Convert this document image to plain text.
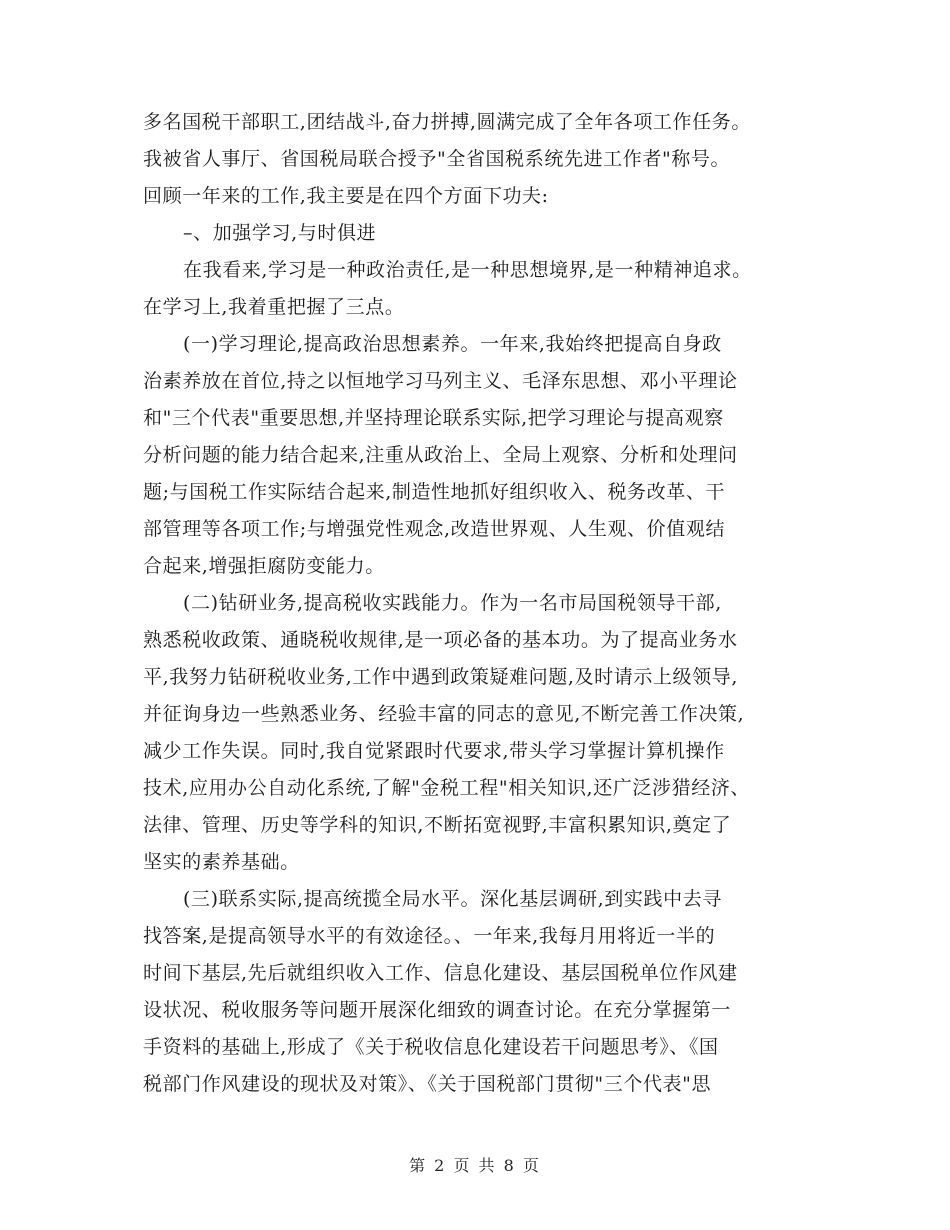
多名国税干部职工,团结战斗,奋力拼搏,圆满完成了全年各项工作任务。
我被省人事厅、省国税局联合授予"全省国税系统先进工作者"称号。
回顾一年来的工作,我主要是在四个方面下功夫:
–、加强学习,与时俱进
在我看来,学习是一种政治责任,是一种思想境界,是一种精神追求。
在学习上,我着重把握了三点。
(一)学习理论,提高政治思想素养。一年来,我始终把提高自身政
治素养放在首位,持之以恒地学习马列主义、毛泽东思想、邓小平理论
和"三个代表"重要思想,并坚持理论联系实际,把学习理论与提高观察
分析问题的能力结合起来,注重从政治上、全局上观察、分析和处理问
题;与国税工作实际结合起来,制造性地抓好组织收入、税务改革、干
部管理等各项工作;与增强党性观念,改造世界观、人生观、价值观结
合起来,增强拒腐防变能力。
(二)钻研业务,提高税收实践能力。作为一名市局国税领导干部,
熟悉税收政策、通晓税收规律,是一项必备的基本功。为了提高业务水
平,我努力钻研税收业务,工作中遇到政策疑难问题,及时请示上级领导,
并征询身边一些熟悉业务、经验丰富的同志的意见,不断完善工作决策,
减少工作失误。同时,我自觉紧跟时代要求,带头学习掌握计算机操作
技术,应用办公自动化系统,了解"金税工程"相关知识,还广泛涉猎经济、
法律、管理、历史等学科的知识,不断拓宽视野,丰富积累知识,奠定了
坚实的素养基础。
(三)联系实际,提高统揽全局水平。深化基层调研,到实践中去寻
找答案,是提高领导水平的有效途径。、一年来,我每月用将近一半的
时间下基层,先后就组织收入工作、信息化建设、基层国税单位作风建
设状况、税收服务等问题开展深化细致的调查讨论。在充分掌握第一
手资料的基础上,形成了《关于税收信息化建设若干问题思考》、《国
税部门作风建设的现状及对策》、《关于国税部门贯彻"三个代表"思
第 2 页 共 8 页
